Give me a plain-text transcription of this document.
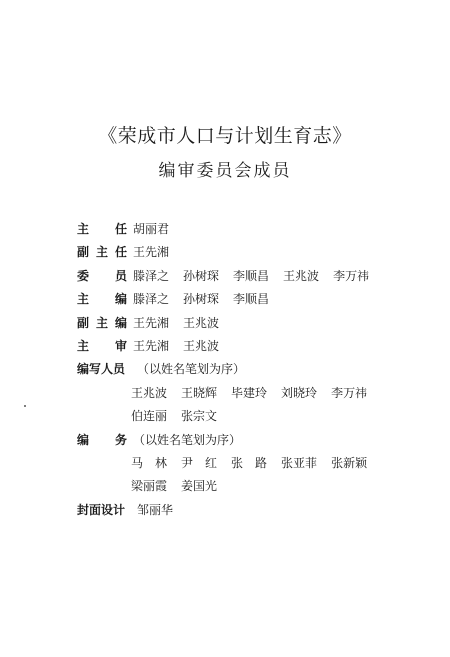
《荣成市人口与计划生育志》
编审委员会成员
主 任 胡丽君
副 主 任 王先湘
委 员 滕泽之 孙树琛 李顺昌 王兆波 李万祎
主 编 滕泽之 孙树琛 李顺昌
副 主 编 王先湘 王兆波
主 审 王先湘 王兆波
编写人员 （以姓名笔划为序）
王兆波 王晓辉 毕建玲 刘晓玲 李万祎
伯连丽 张宗文
编 务 （以姓名笔划为序）
马　林 尹　红 张　路 张亚菲 张新颖
梁丽霞 姜国光
封面设计 邹丽华
